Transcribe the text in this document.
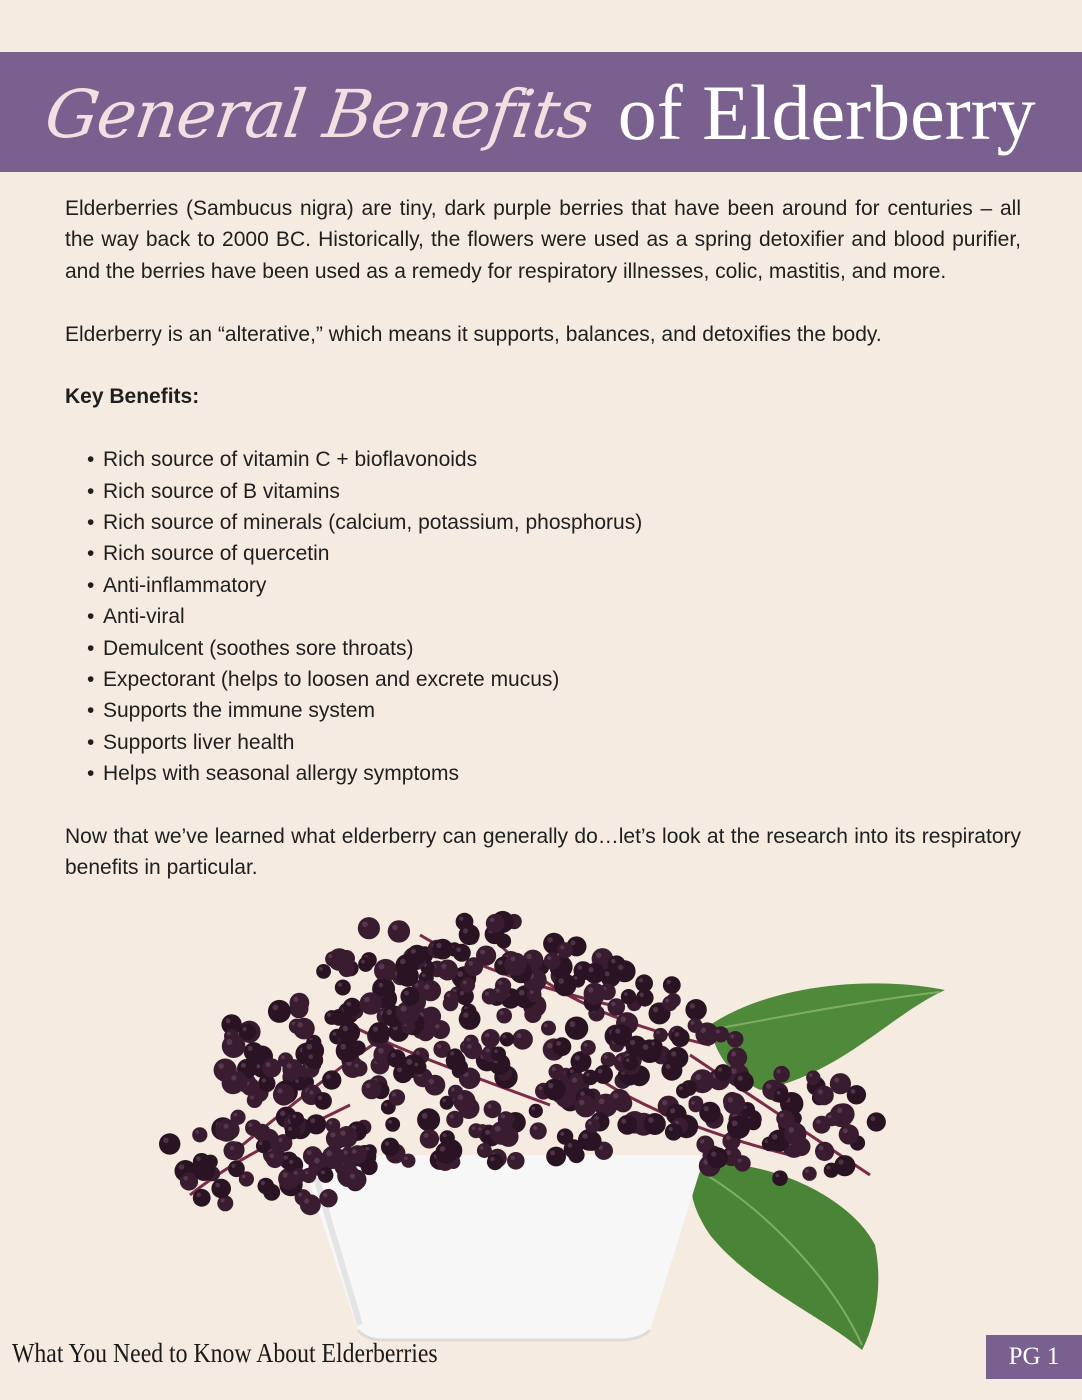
General Benefits of Elderberry

Elderberries (Sambucus nigra) are tiny, dark purple berries that have been around for centuries – all the way back to 2000 BC. Historically, the flowers were used as a spring detoxifier and blood purifier, and the berries have been used as a remedy for respiratory illnesses, colic, mastitis, and more.

Elderberry is an “alterative,” which means it supports, balances, and detoxifies the body.

Key Benefits:

• Rich source of vitamin C + bioflavonoids
• Rich source of B vitamins
• Rich source of minerals (calcium, potassium, phosphorus)
• Rich source of quercetin
• Anti-inflammatory
• Anti-viral
• Demulcent (soothes sore throats)
• Expectorant (helps to loosen and excrete mucus)
• Supports the immune system
• Supports liver health
• Helps with seasonal allergy symptoms

Now that we’ve learned what elderberry can generally do…let’s look at the research into its respiratory benefits in particular.

What You Need to Know About Elderberries	PG 1
